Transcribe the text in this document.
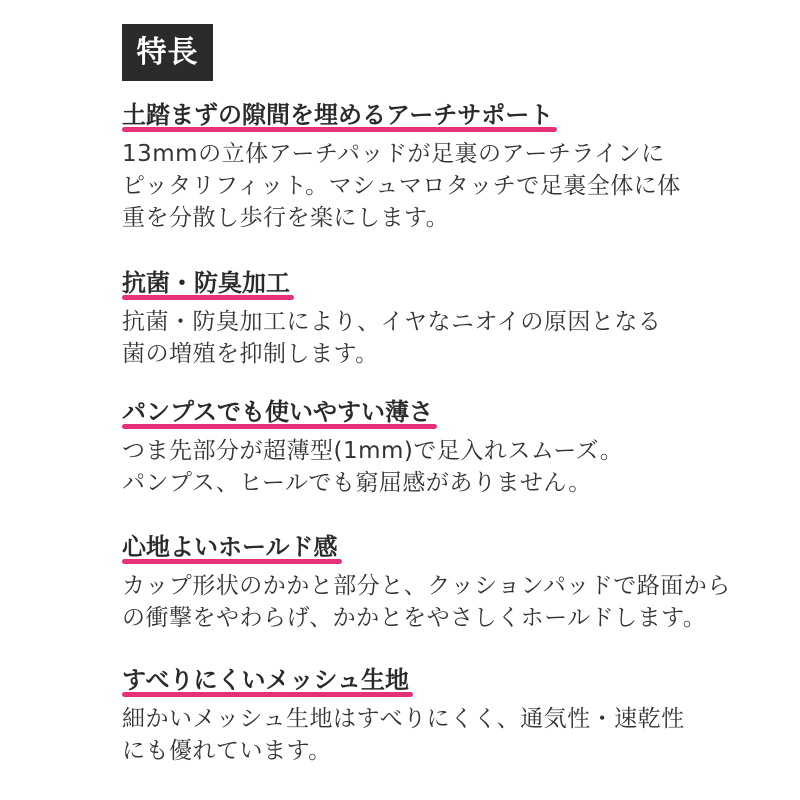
特長
土踏まずの隙間を埋めるアーチサポート
13mmの立体アーチパッドが足裏のアーチラインに
ピッタリフィット。マシュマロタッチで足裏全体に体
重を分散し歩行を楽にします。
抗菌・防臭加工
抗菌・防臭加工により、イヤなニオイの原因となる
菌の増殖を抑制します。
パンプスでも使いやすい薄さ
つま先部分が超薄型(1mm)で足入れスムーズ。
パンプス、ヒールでも窮屈感がありません。
心地よいホールド感
カップ形状のかかと部分と、クッションパッドで路面から
の衝撃をやわらげ、かかとをやさしくホールドします。
すべりにくいメッシュ生地
細かいメッシュ生地はすべりにくく、通気性・速乾性
にも優れています。
